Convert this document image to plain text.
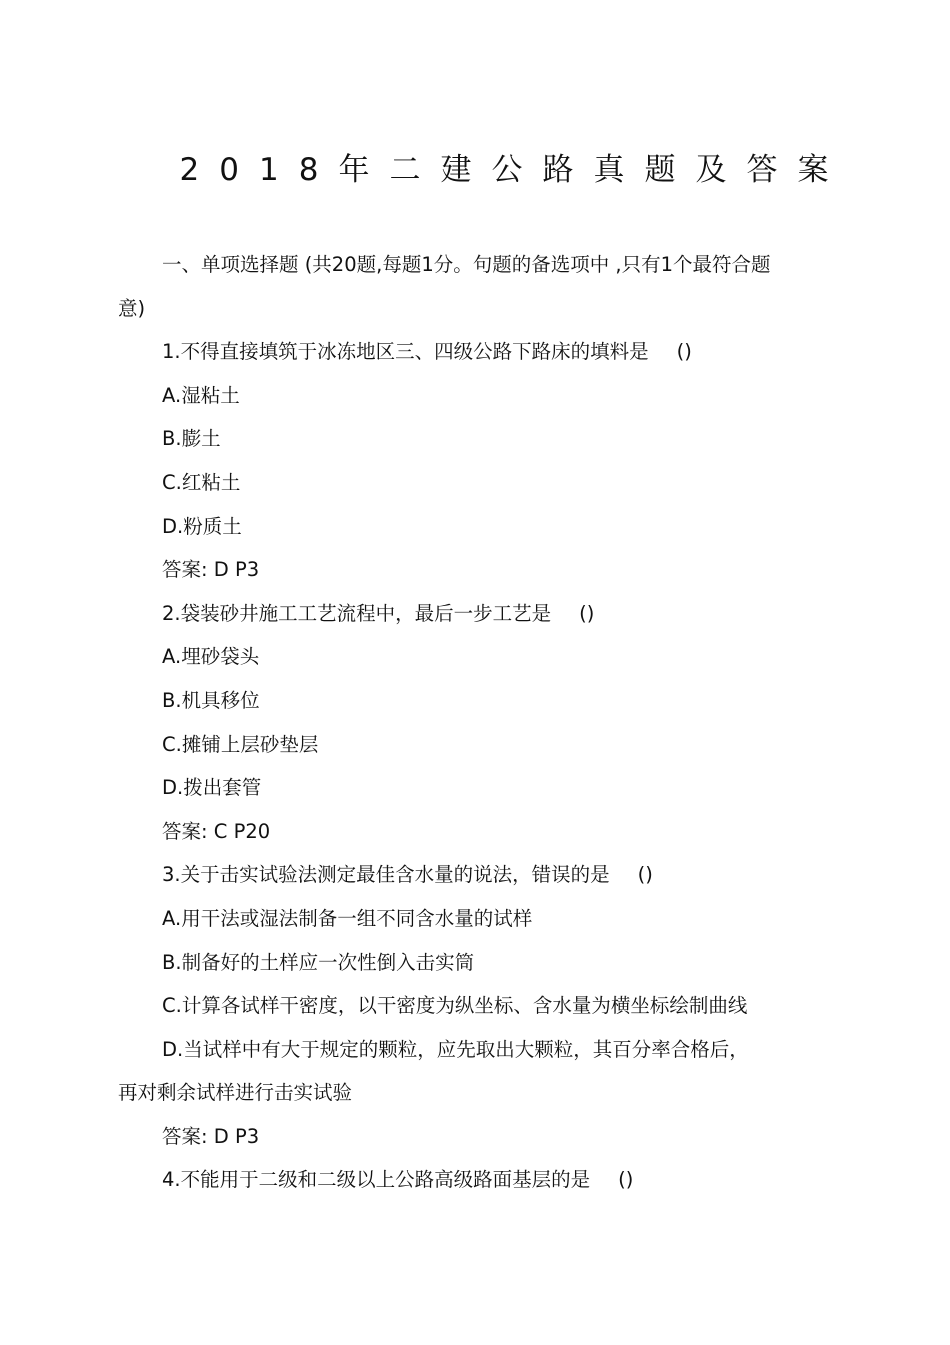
2018年二建公路真题及答案
一、单项选择题 (共20题,每题1分。句题的备选项中 ,只有1个最符合题
意)
1.不得直接填筑于冰冻地区三、四级公路下路床的填料是 ()
A.湿粘土
B.膨土
C.红粘土
D.粉质土
答案: D P3
2.袋装砂井施工工艺流程中，最后一步工艺是 ()
A.埋砂袋头
B.机具移位
C.摊铺上层砂垫层
D.拨出套管
答案: C P20
3.关于击实试验法测定最佳含水量的说法，错误的是 ()
A.用干法或湿法制备一组不同含水量的试样
B.制备好的土样应一次性倒入击实筒
C.计算各试样干密度，以干密度为纵坐标、含水量为横坐标绘制曲线
D.当试样中有大于规定的颗粒，应先取出大颗粒，其百分率合格后，
再对剩余试样进行击实试验
答案: D P3
4.不能用于二级和二级以上公路高级路面基层的是 ()
